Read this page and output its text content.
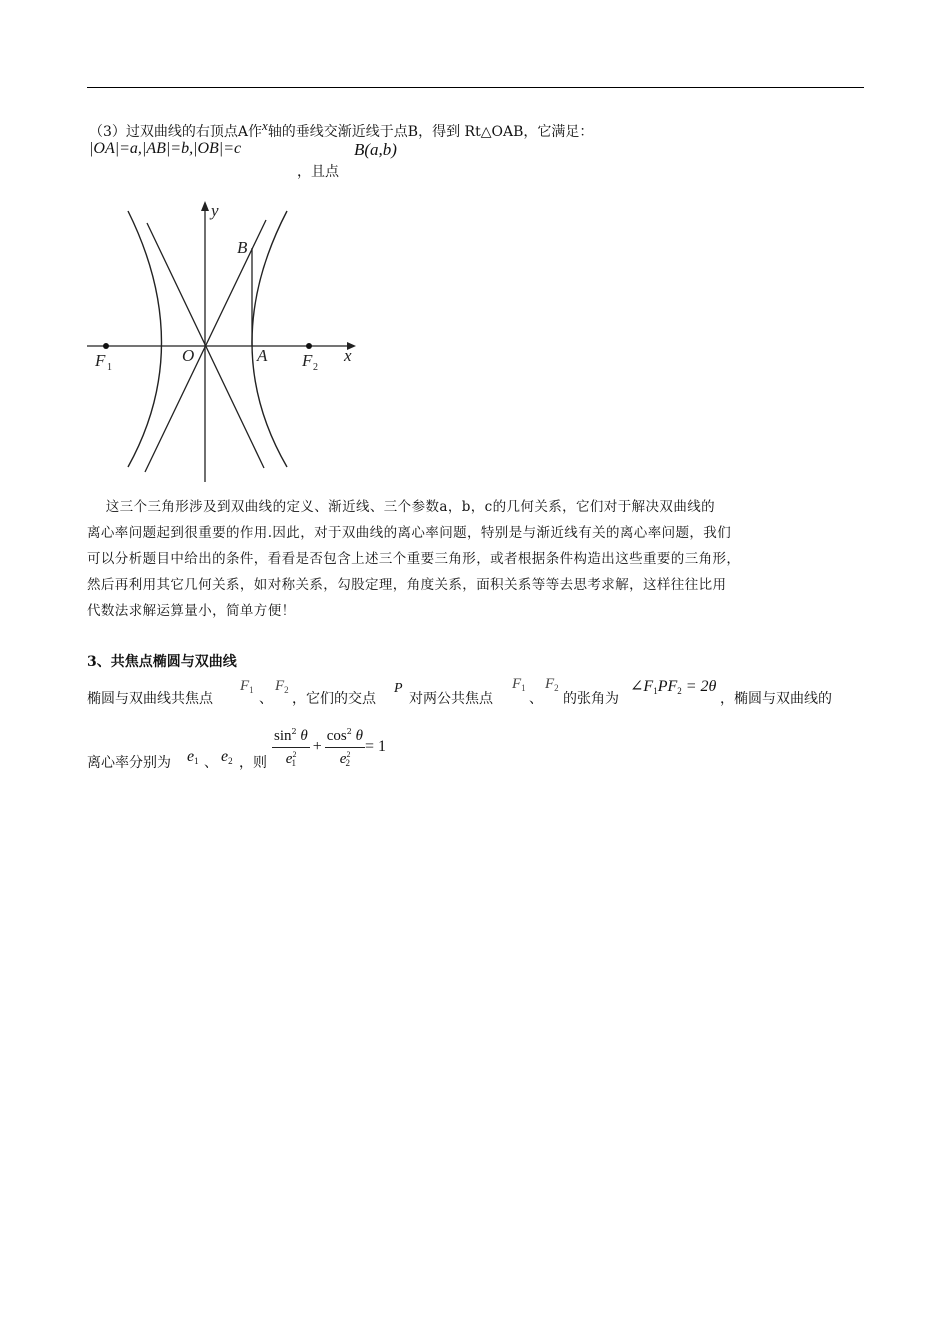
（3）过双曲线的右顶点A作$^x$轴的垂线交渐近线于点B，得到 Rt△OAB，它满足：
|OA|=a,|AB|=b,|OB|=c
，且点
B(a,b)
y
x
B
O	A
F 1	F 2

这三个三角形涉及到双曲线的定义、渐近线、三个参数a，b，c的几何关系，它们对于解决双曲线的

离心率问题起到很重要的作用.因此，对于双曲线的离心率问题，特别是与渐近线有关的离心率问题，我们

可以分析题目中给出的条件，看看是否包含上述三个重要三角形，或者根据条件构造出这些重要的三角形，

然后再利用其它几何关系，如对称关系，勾股定理，角度关系，面积关系等等去思考求解，这样往往比用

代数法求解运算量小，简单方便！

3、共焦点椭圆与双曲线
椭圆与双曲线共焦点
$F_1$
、
$F_2$
，它们的交点
P
对两公共焦点
$F_1$
、
$F_2$
的张角为
$\angle F_1PF_2 = 2\theta$
，椭圆与双曲线的
离心率分别为 $e_1$ 、 $e_2$ ，则 $\frac{\sin^2 \theta}{e^2_1} + \frac{\cos^2 \theta}{e^2_2} = 1$
